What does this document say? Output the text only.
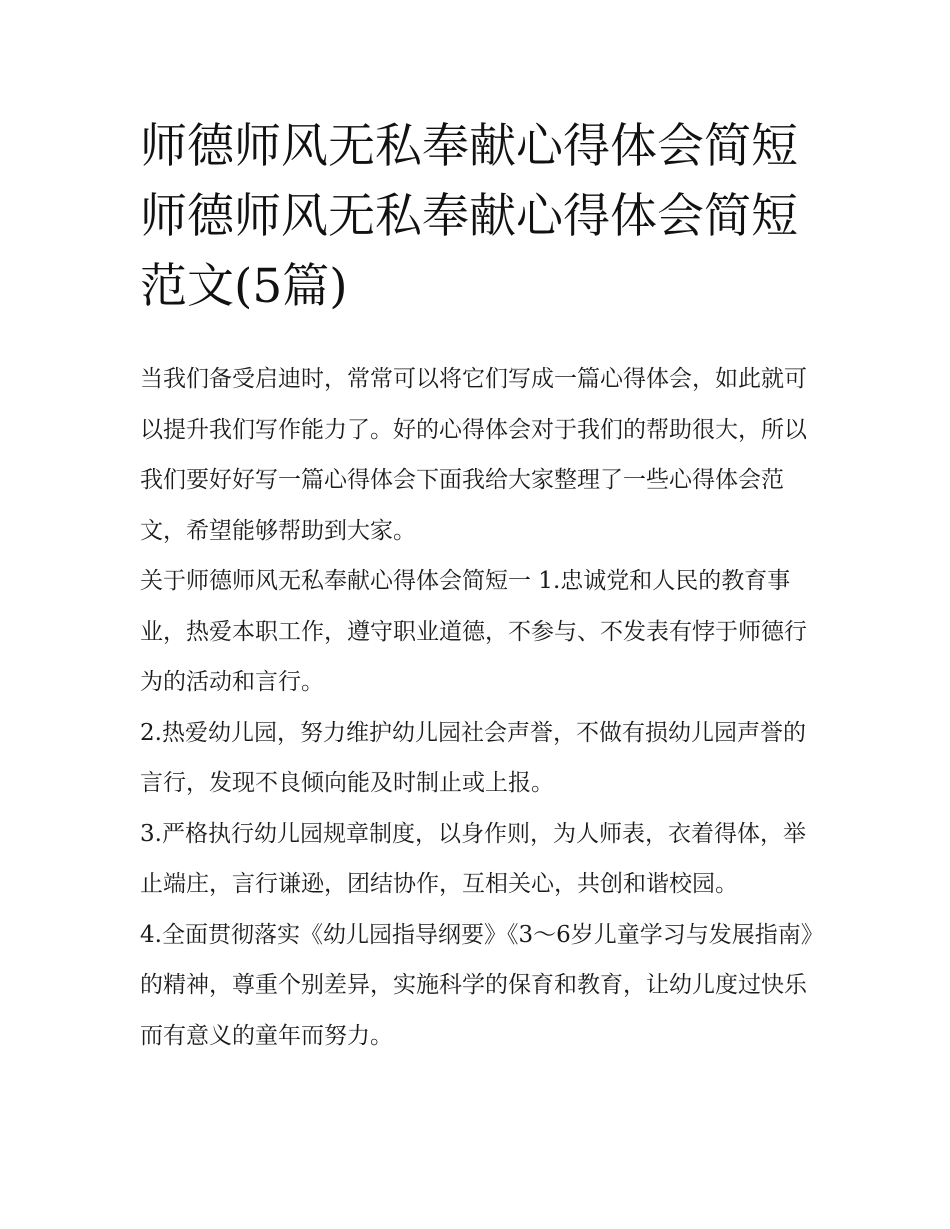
师德师风无私奉献心得体会简短 师德师风无私奉献心得体会简短范文(5篇)

当我们备受启迪时，常常可以将它们写成一篇心得体会，如此就可以提升我们写作能力了。好的心得体会对于我们的帮助很大，所以我们要好好写一篇心得体会下面我给大家整理了一些心得体会范文，希望能够帮助到大家。

关于师德师风无私奉献心得体会简短一 1.忠诚党和人民的教育事业，热爱本职工作，遵守职业道德，不参与、不发表有悖于师德行为的活动和言行。

2.热爱幼儿园，努力维护幼儿园社会声誉，不做有损幼儿园声誉的言行，发现不良倾向能及时制止或上报。

3.严格执行幼儿园规章制度，以身作则，为人师表，衣着得体，举止端庄，言行谦逊，团结协作，互相关心，共创和谐校园。

4.全面贯彻落实《幼儿园指导纲要》《3～6岁儿童学习与发展指南》的精神，尊重个别差异，实施科学的保育和教育，让幼儿度过快乐而有意义的童年而努力。
